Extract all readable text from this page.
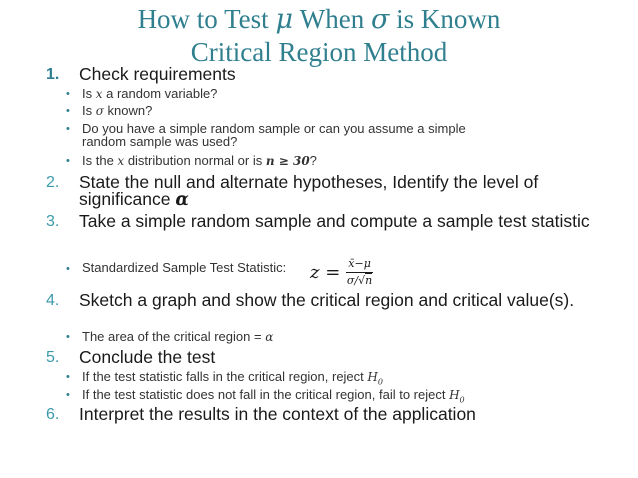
How to Test μ When σ is Known
Critical Region Method
1.	Check requirements
• Is x a random variable?
• Is σ known?
• Do you have a simple random sample or can you assume a simple
random sample was used?
• Is the x distribution normal or is n ≥ 30?
2.	State the null and alternate hypotheses, Identify the level of significance α
3.	Take a simple random sample and compute a sample test statistic
• Standardized Sample Test Statistic:	$z = \frac{x̄-\mu}{\sigma/√n}$
4.	Sketch a graph and show the critical region and critical value(s).
• The area of the critical region = α
5.	Conclude the test
• If the test statistic falls in the critical region, reject $H_0$
• If the test statistic does not fall in the critical region, fail to reject $H_0$
6.	Interpret the results in the context of the application
